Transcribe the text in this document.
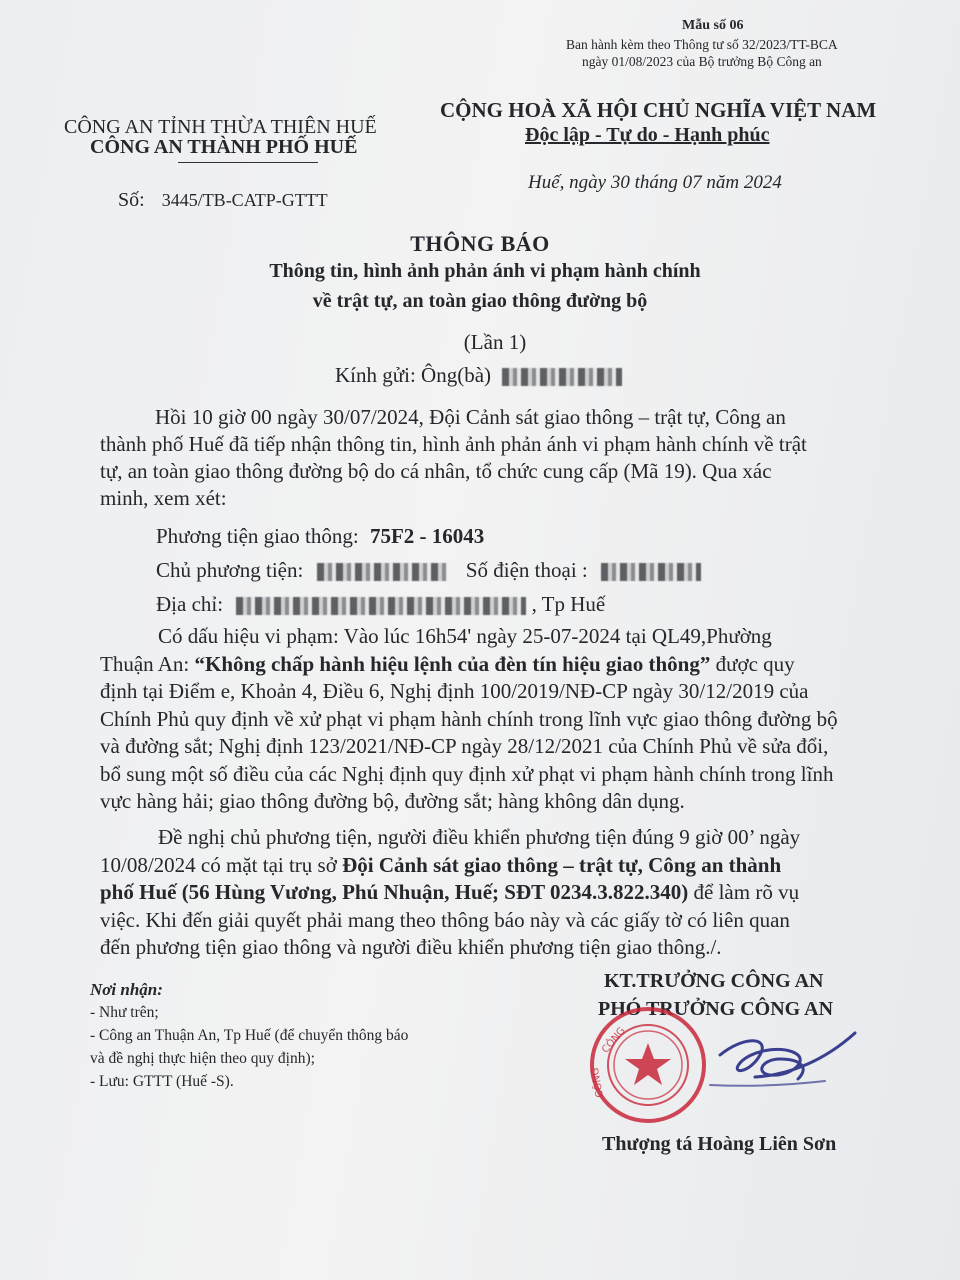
Mẫu số 06
Ban hành kèm theo Thông tư số 32/2023/TT-BCA
ngày 01/08/2023 của Bộ trưởng Bộ Công an
CÔNG AN TỈNH THỪA THIÊN HUẾ
CÔNG AN THÀNH PHỐ HUẾ
Số: 3445/TB-CATP-GTTT
CỘNG HOÀ XÃ HỘI CHỦ NGHĨA VIỆT NAM
Độc lập - Tự do - Hạnh phúc
Huế, ngày 30 tháng 07 năm 2024
THÔNG BÁO
Thông tin, hình ảnh phản ánh vi phạm hành chính
về trật tự, an toàn giao thông đường bộ
(Lần 1)
Kính gửi: Ông(bà)
Hồi 10 giờ 00 ngày 30/07/2024, Đội Cảnh sát giao thông – trật tự, Công an
thành phố Huế đã tiếp nhận thông tin, hình ảnh phản ánh vi phạm hành chính về trật
tự, an toàn giao thông đường bộ do cá nhân, tổ chức cung cấp (Mã 19). Qua xác
minh, xem xét:
Phương tiện giao thông: 75F2 - 16043
Chủ phương tiện:	Số điện thoại :
Địa chỉ:	, Tp Huế
Có dấu hiệu vi phạm: Vào lúc 16h54' ngày 25-07-2024 tại QL49,Phường
Thuận An: “Không chấp hành hiệu lệnh của đèn tín hiệu giao thông” được quy
định tại Điểm e, Khoản 4, Điều 6, Nghị định 100/2019/NĐ-CP ngày 30/12/2019 của
Chính Phủ quy định về xử phạt vi phạm hành chính trong lĩnh vực giao thông đường bộ
và đường sắt; Nghị định 123/2021/NĐ-CP ngày 28/12/2021 của Chính Phủ về sửa đổi,
bổ sung một số điều của các Nghị định quy định xử phạt vi phạm hành chính trong lĩnh
vực hàng hải; giao thông đường bộ, đường sắt; hàng không dân dụng.
Đề nghị chủ phương tiện, người điều khiển phương tiện đúng 9 giờ 00’ ngày
10/08/2024 có mặt tại trụ sở Đội Cảnh sát giao thông – trật tự, Công an thành
phố Huế (56 Hùng Vương, Phú Nhuận, Huế; SĐT 0234.3.822.340) để làm rõ vụ
việc. Khi đến giải quyết phải mang theo thông báo này và các giấy tờ có liên quan
đến phương tiện giao thông và người điều khiển phương tiện giao thông./.
Nơi nhận:
- Như trên;
- Công an Thuận An, Tp Huế (để chuyển thông báo
và đề nghị thực hiện theo quy định);
- Lưu: GTTT (Huế -S).
KT.TRƯỞNG CÔNG AN
PHÓ TRƯỞNG CÔNG AN
CÔNG
CÔNG
Thượng tá Hoàng Liên Sơn
